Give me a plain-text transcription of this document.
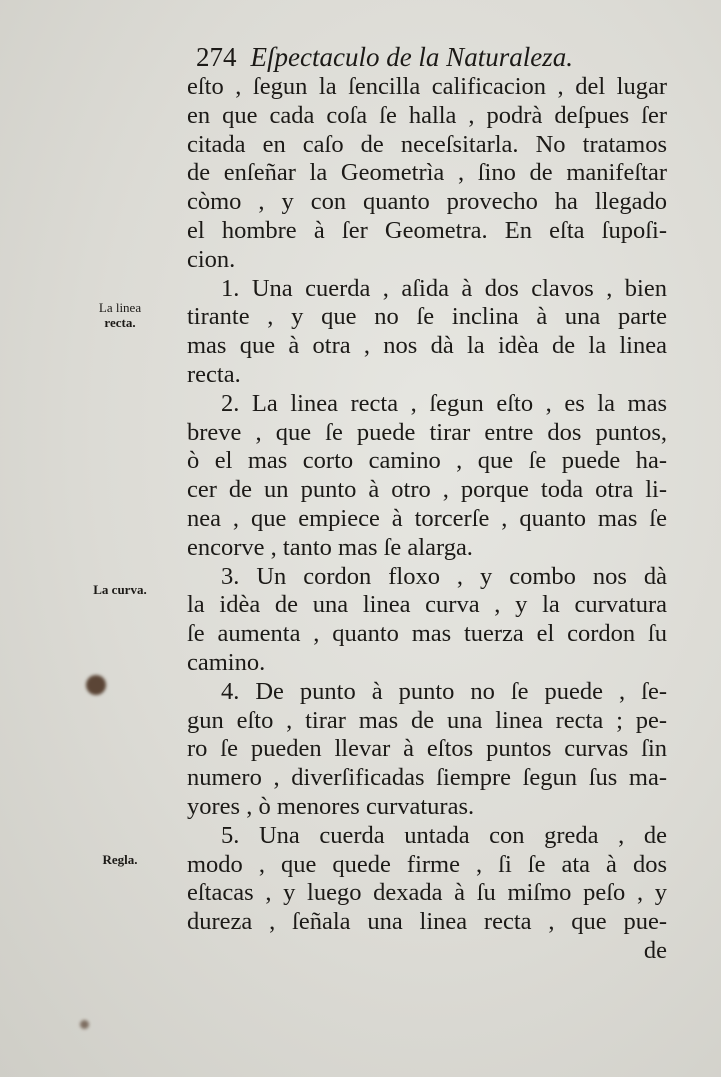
274 Eſpectaculo de la Naturaleza.
La linea
recta.
La curva.
Regla.
eſto , ſegun la ſencilla calificacion , del lugar
en que cada coſa ſe halla , podrà deſpues ſer
citada en caſo de neceſsitarla. No tratamos
de enſeñar la Geometrìa , ſino de manifeſtar
còmo , y con quanto provecho ha llegado
el hombre à ſer Geometra. En eſta ſupoſi-
cion.
1. Una cuerda , aſida à dos clavos , bien
tirante , y que no ſe inclina à una parte
mas que à otra , nos dà la idèa de la linea
recta.
2. La linea recta , ſegun eſto , es la mas
breve , que ſe puede tirar entre dos puntos,
ò el mas corto camino , que ſe puede ha-
cer de un punto à otro , porque toda otra li-
nea , que empiece à torcerſe , quanto mas ſe
encorve , tanto mas ſe alarga.
3. Un cordon floxo , y combo nos dà
la idèa de una linea curva , y la curvatura
ſe aumenta , quanto mas tuerza el cordon ſu
camino.
4. De punto à punto no ſe puede , ſe-
gun eſto , tirar mas de una linea recta ; pe-
ro ſe pueden llevar à eſtos puntos curvas ſin
numero , diverſificadas ſiempre ſegun ſus ma-
yores , ò menores curvaturas.
5. Una cuerda untada con greda , de
modo , que quede firme , ſi ſe ata à dos
eſtacas , y luego dexada à ſu miſmo peſo , y
dureza , ſeñala una linea recta , que pue-
de
